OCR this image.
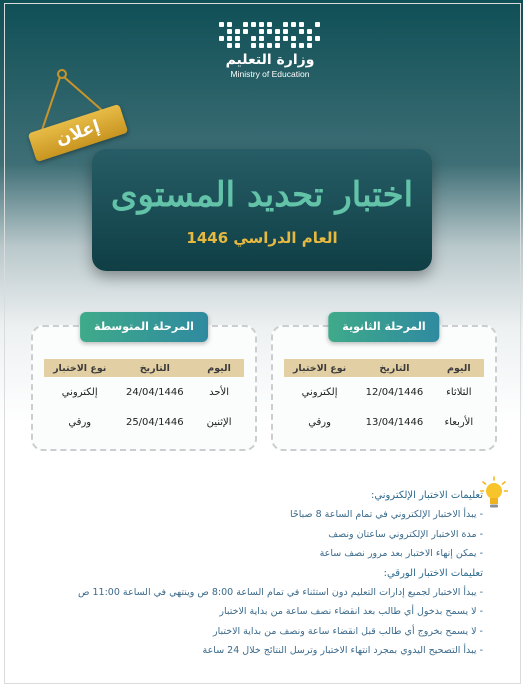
وزارة التعليم
Ministry of Education
إعلان
اختبار تحديد المستوى
العام الدراسي 1446
المرحلة الثانوية
اليوم	التاريخ	نوع الاختبار
الثلاثاء	12/04/1446	إلكتروني
الأربعاء	13/04/1446	ورقي
المرحلة المتوسطة
اليوم	التاريخ	نوع الاختبار
الأحد	24/04/1446	إلكتروني
الإثنين	25/04/1446	ورقي
تعليمات الاختبار الإلكتروني:
- يبدأ الاختبار الإلكتروني في تمام الساعة 8 صباحًا
- مدة الاختبار الإلكتروني ساعتان ونصف
- يمكن إنهاء الاختبار بعد مرور نصف ساعة
تعليمات الاختبار الورقي:
- يبدأ الاختبار لجميع إدارات التعليم دون استثناء في تمام الساعة 8:00 ص وينتهي في الساعة 11:00 ص
- لا يسمح بدخول أي طالب بعد انقضاء نصف ساعة من بداية الاختبار
- لا يسمح بخروج أي طالب قبل انقضاء ساعة ونصف من بداية الاختبار
- يبدأ التصحيح اليدوي بمجرد انتهاء الاختبار وترسل النتائج خلال 24 ساعة
